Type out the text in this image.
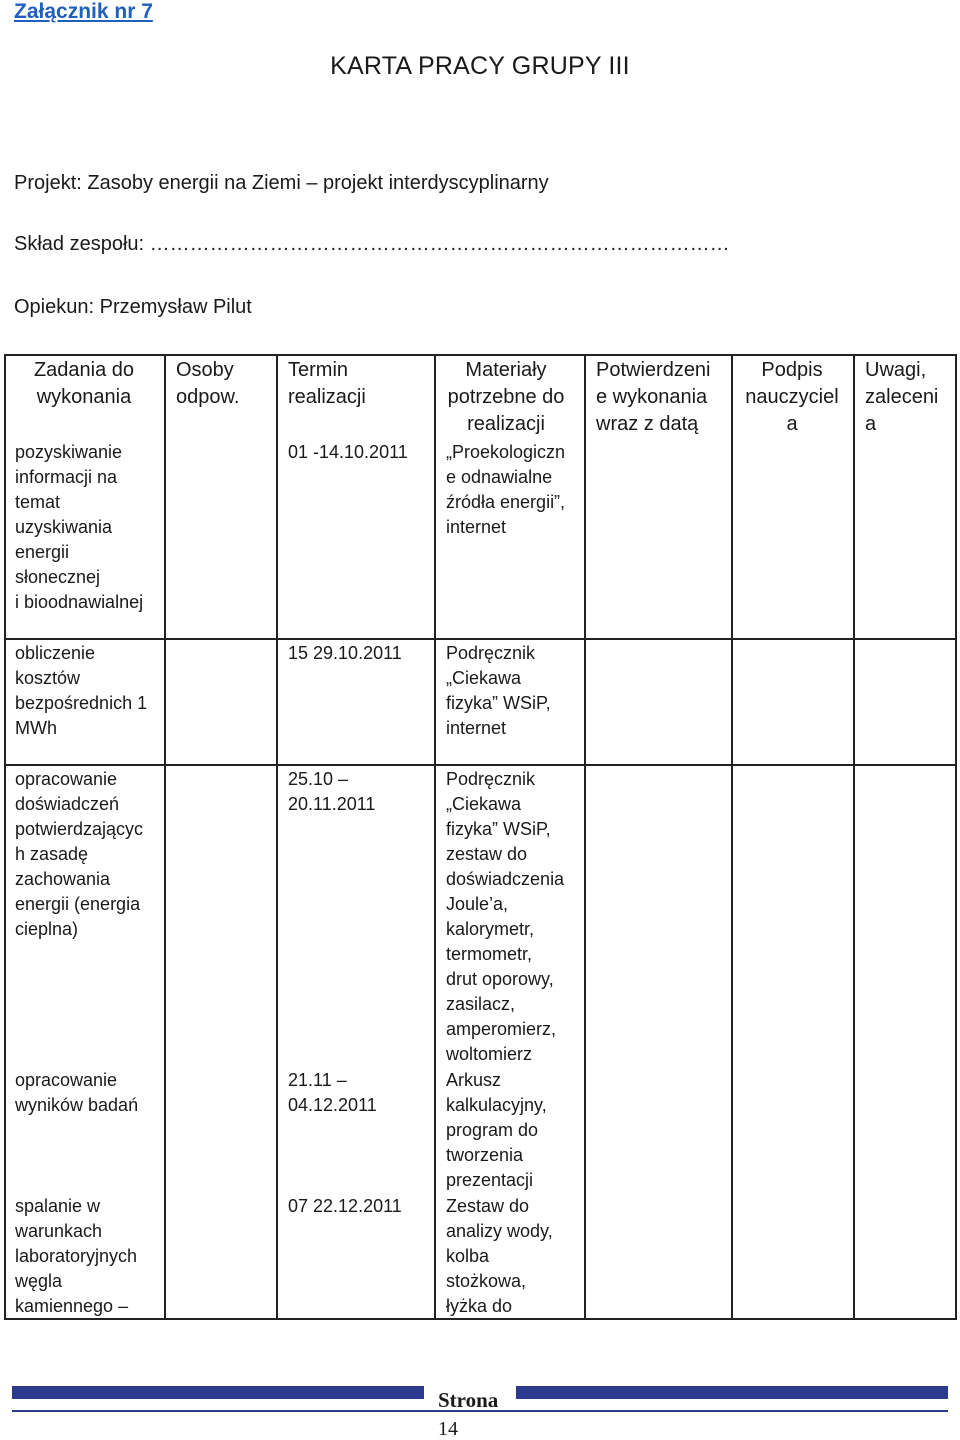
Załącznik nr 7
KARTA PRACY GRUPY III
Projekt: Zasoby energii na Ziemi – projekt interdyscyplinarny
Skład zespołu: ……………………………………………………………………………
Opiekun: Przemysław Pilut
Zadania do
wykonania
Osoby
odpow.
Termin
realizacji
Materiały
potrzebne do
realizacji
Potwierdzeni
e wykonania
wraz z datą
Podpis
nauczyciel
a
Uwagi,
zaleceni
a
pozyskiwanie
informacji na
temat
uzyskiwania
energii
słonecznej
i bioodnawialnej
01 -14.10.2011 „Proekologiczn
e odnawialne
źródła energii”,
internet
obliczenie
kosztów
bezpośrednich 1
MWh
15 29.10.2011 Podręcznik
„Ciekawa
fizyka” WSiP,
internet
opracowanie
doświadczeń
potwierdzającyc
h zasadę
zachowania
energii (energia
cieplna)
25.10 –
20.11.2011
Podręcznik
„Ciekawa
fizyka” WSiP,
zestaw do
doświadczenia
Joule’a,
kalorymetr,
termometr,
drut oporowy,
zasilacz,
amperomierz,
woltomierz
opracowanie
wyników badań
21.11 –
04.12.2011
Arkusz
kalkulacyjny,
program do
tworzenia
prezentacji
spalanie w
warunkach
laboratoryjnych
węgla
kamiennego –
07 22.12.2011 Zestaw do
analizy wody,
kolba
stożkowa,
łyżka do
Strona
14
